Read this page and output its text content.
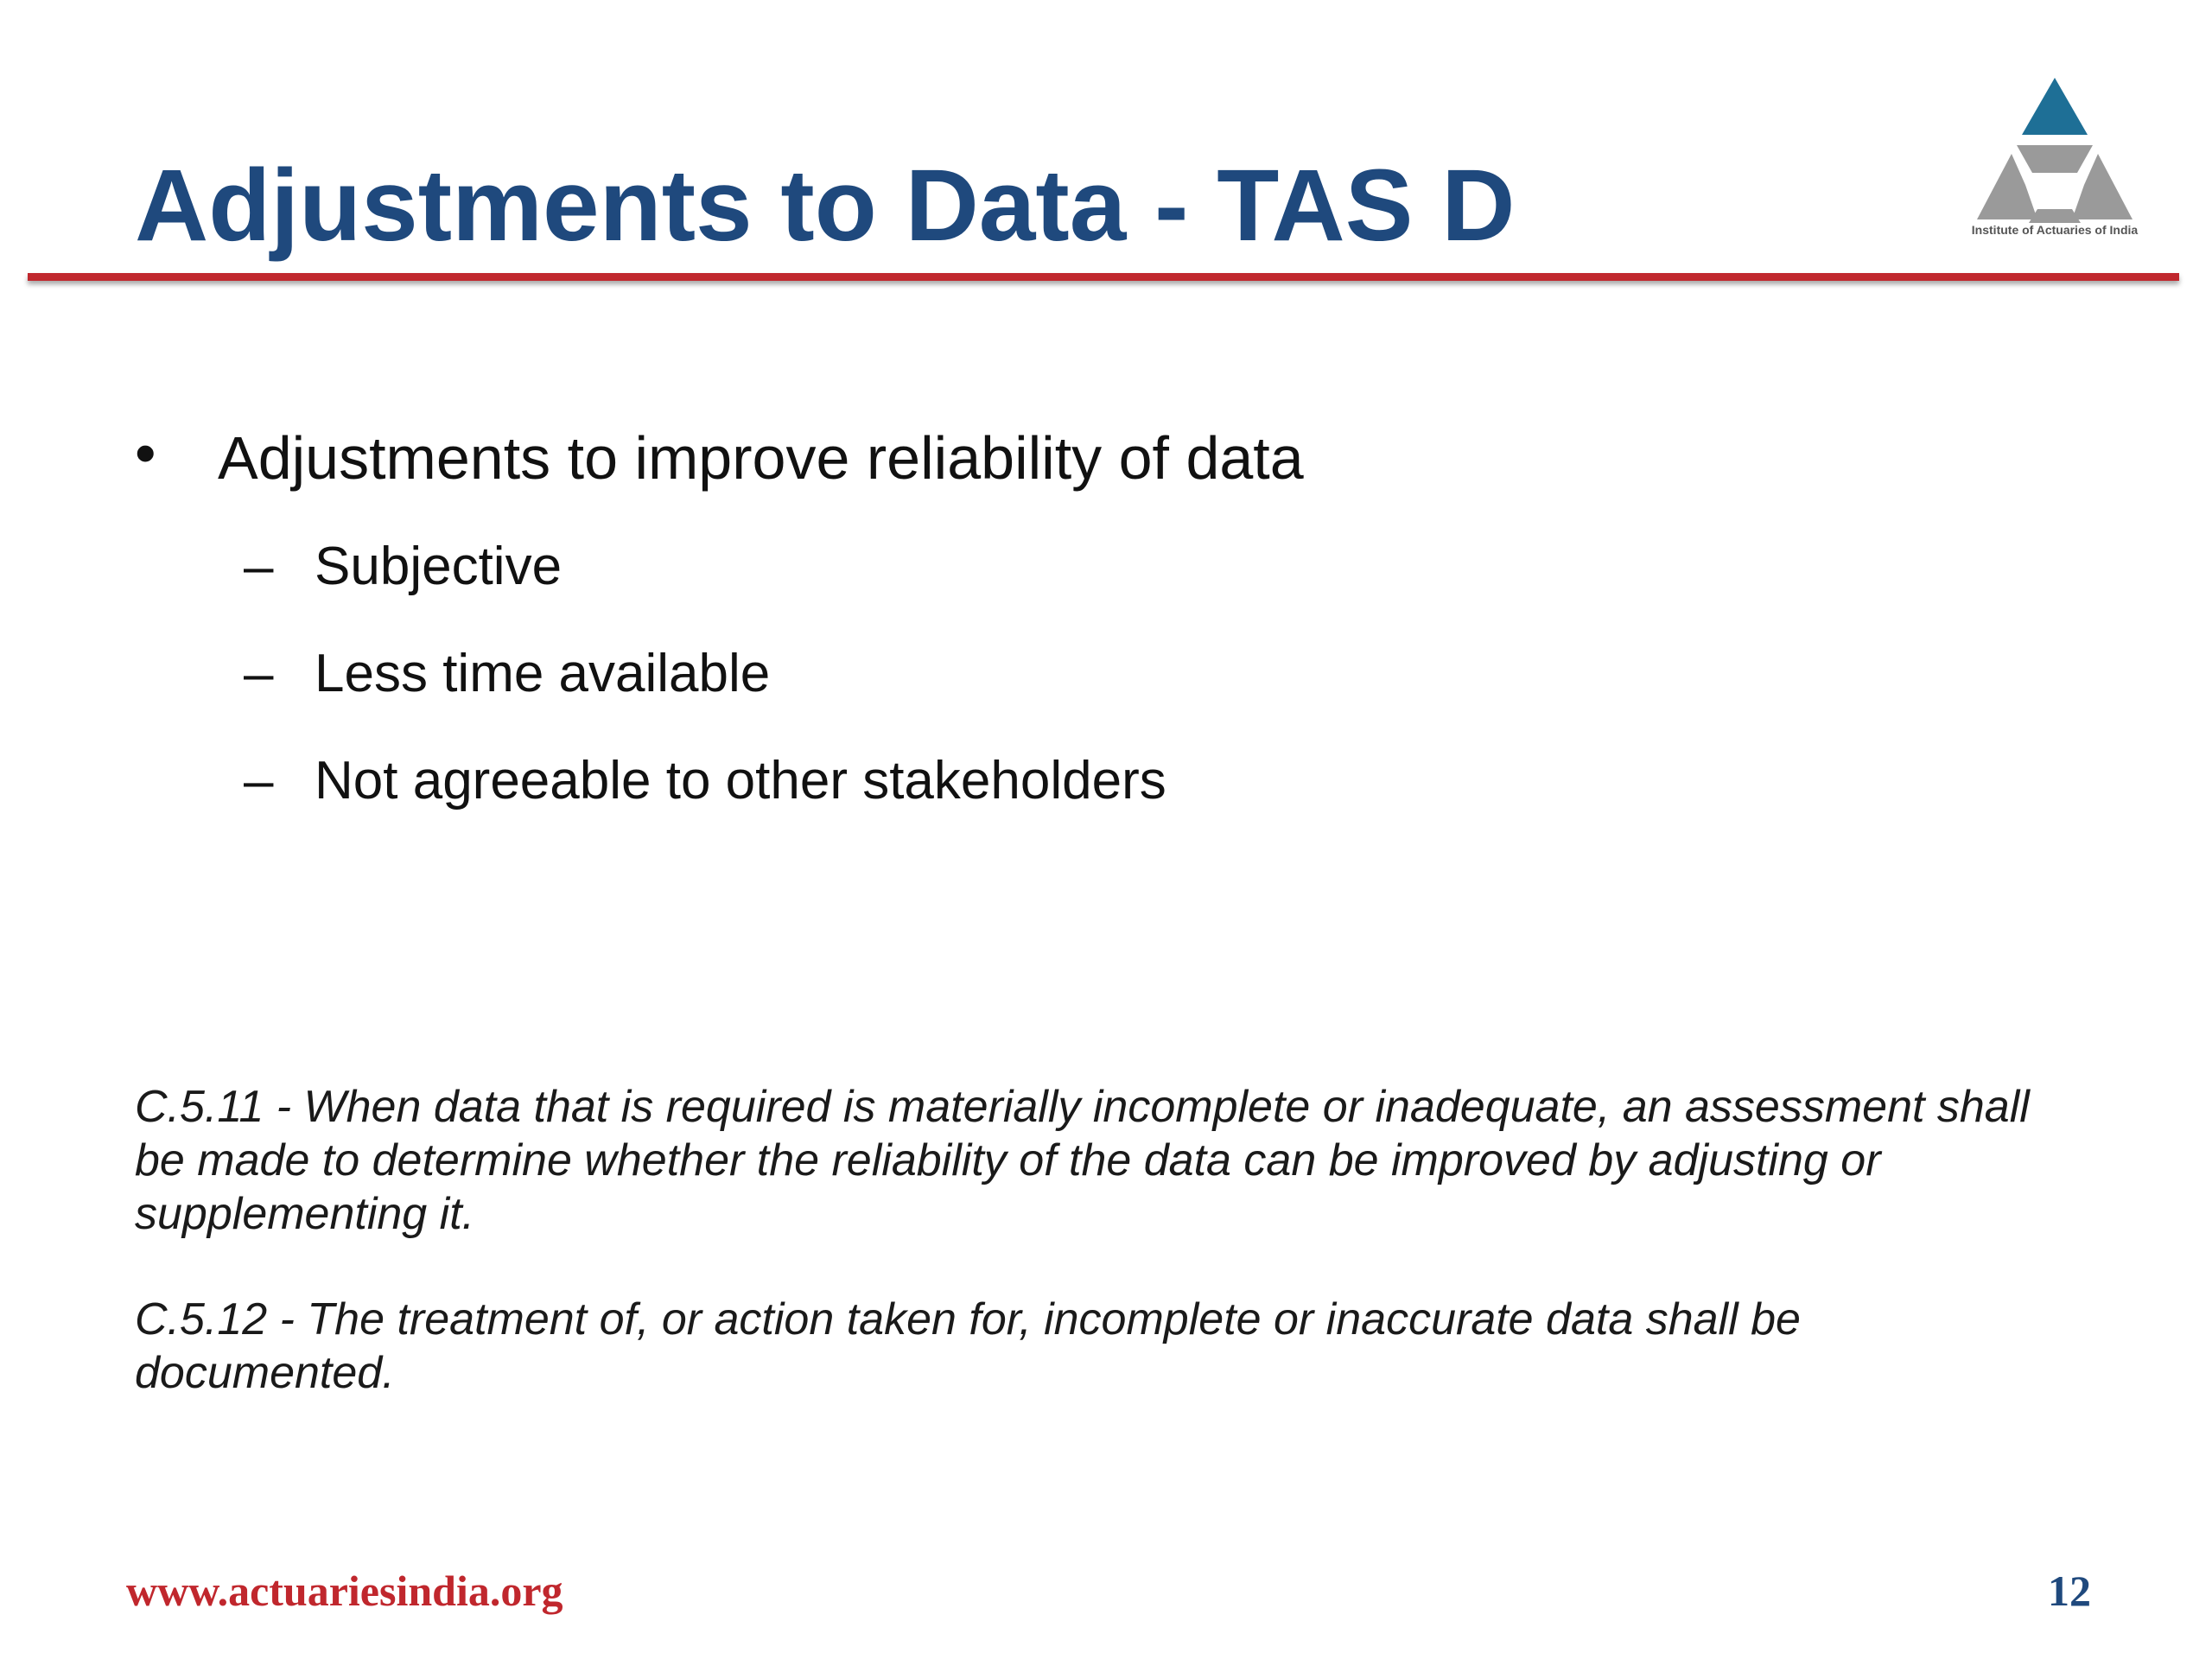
Adjustments to Data - TAS D	Institute of Actuaries of India
• Adjustments to improve reliability of data
– Subjective
– Less time available
– Not agreeable to other stakeholders
C.5.11 - When data that is required is materially incomplete or inadequate, an assessment shall be made to determine whether the reliability of the data can be improved by adjusting or supplementing it.
C.5.12 - The treatment of, or action taken for, incomplete or inaccurate data shall be documented.
www.actuariesindia.org	12
